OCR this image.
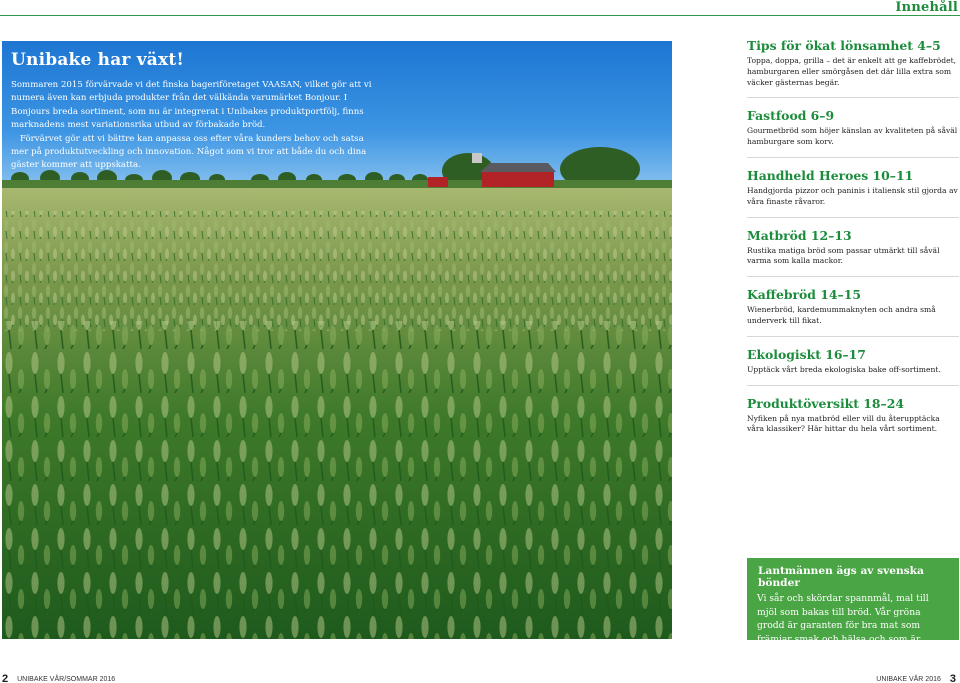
Innehåll
Unibake har växt!

Sommaren 2015 förvärvade vi det finska bageriföretaget VAASAN, vilket gör att vi numera även kan erbjuda produkter från det välkända varumärket Bonjour. I Bonjours breda sortiment, som nu är integrerat i Unibakes produktportfölj, finns marknadens mest variationsrika utbud av förbakade bröd.

Förvärvet gör att vi bättre kan anpassa oss efter våra kunders behov och satsa mer på produktutveckling och innovation. Något som vi tror att både du och dina gäster kommer att uppskatta.

Tips för ökat lönsamhet 4–5
Toppa, doppa, grilla – det är enkelt att ge kaffebrödet, hamburgaren eller smörgåsen det där lilla extra som väcker gästernas begär.
Fastfood 6–9
Gourmetbröd som höjer känslan av kvaliteten på såväl hamburgare som korv.
Handheld Heroes 10–11
Handgjorda pizzor och paninis i italiensk stil gjorda av våra finaste råvaror.
Matbröd 12–13
Rustika matiga bröd som passar utmärkt till såväl varma som kalla mackor.
Kaffebröd 14–15
Wienerbröd, kardemummaknyten och andra små underverk till fikat.
Ekologiskt 16–17
Upptäck vårt breda ekologiska bake off-sortiment.
Produktöversikt 18–24
Nyfiken på nya matbröd eller vill du återupptäcka våra klassiker? Här hittar du hela vårt sortiment.
Lantmännen ägs av svenska bönder
Vi sår och skördar spannmål, mal till mjöl som bakas till bröd. Vår gröna grodd är garanten för bra mat som främjar smak och hälsa och som är ansvarsfullt producerad.
2 UNIBAKE VÅR/SOMMAR 2016	UNIBAKE VÅR 2016 3
